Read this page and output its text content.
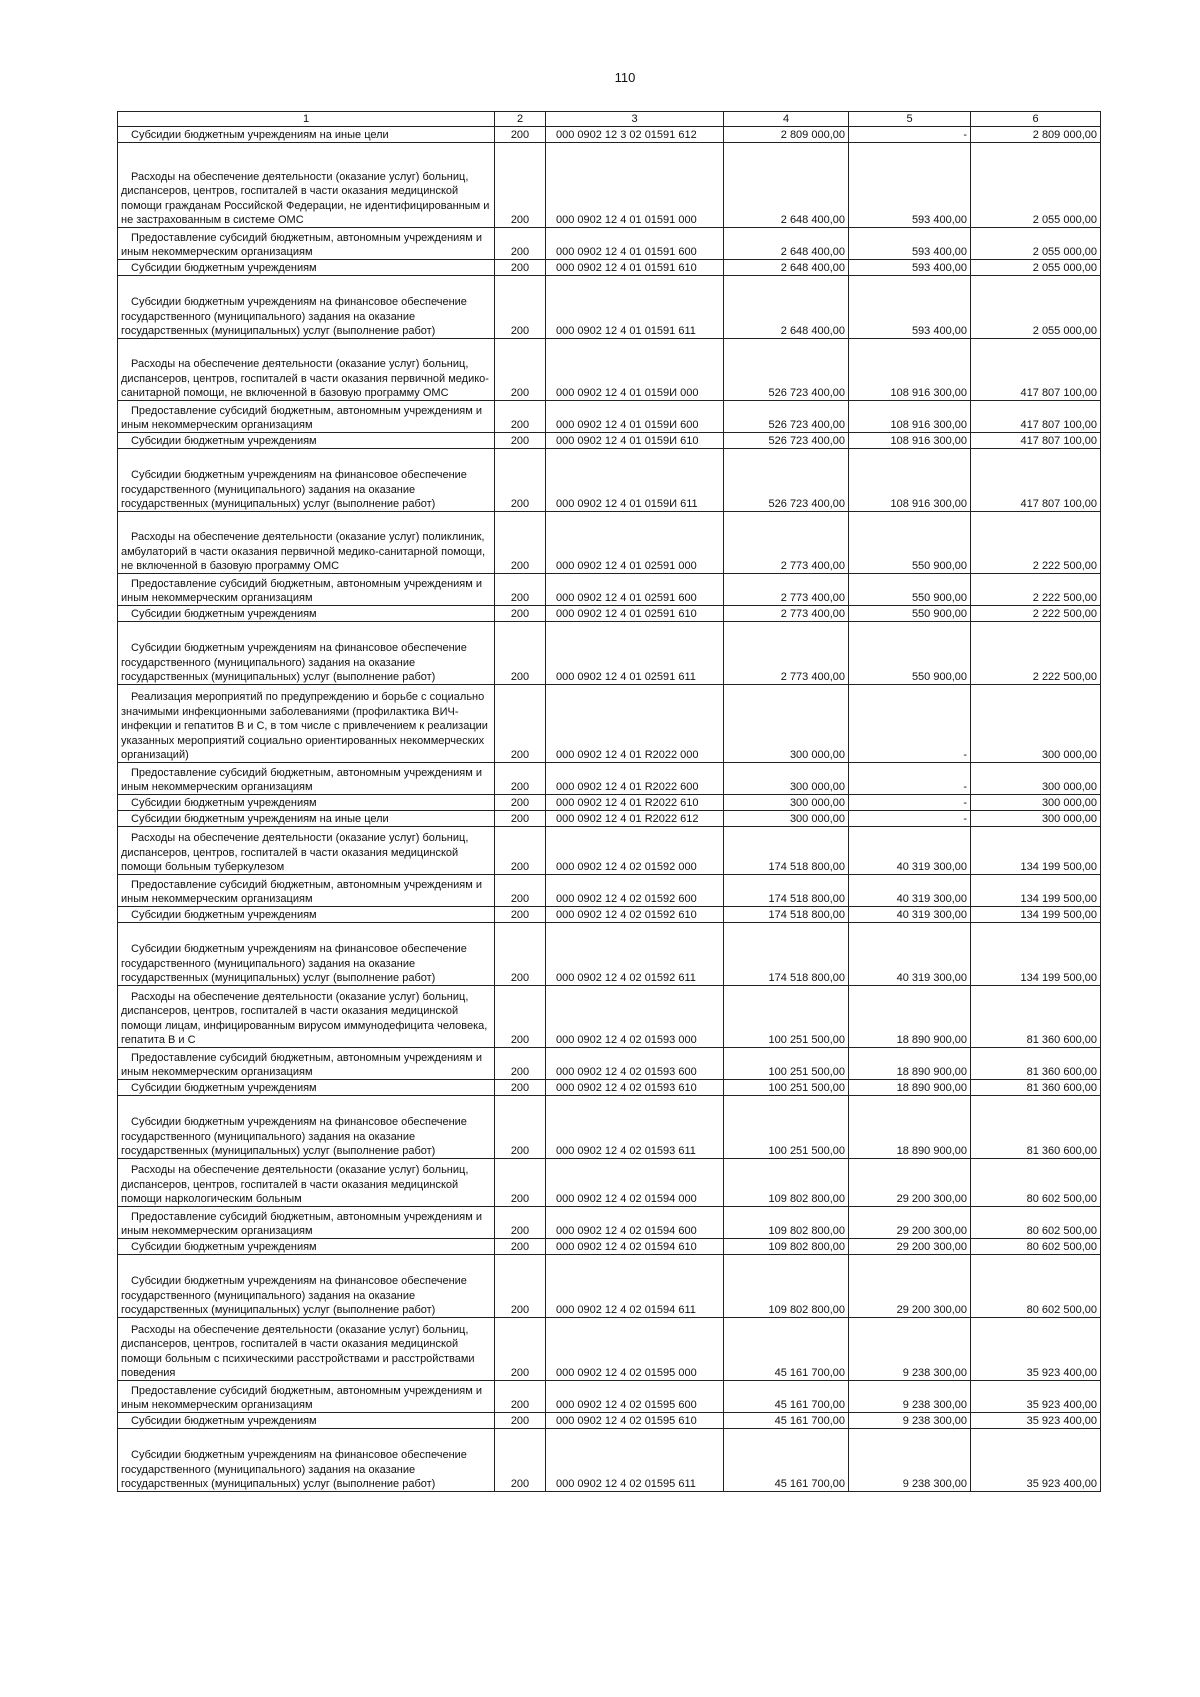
110
1	2	3	4	5	6
Субсидии бюджетным учреждениям на иные цели	200	000 0902 12 3 02 01591 612	2 809 000,00	-	2 809 000,00
Расходы на обеспечение деятельности (оказание услуг) больниц, диспансеров, центров, госпиталей в части оказания медицинской помощи гражданам Российской Федерации, не идентифицированным и не застрахованным в системе ОМС	200	000 0902 12 4 01 01591 000	2 648 400,00	593 400,00	2 055 000,00
Предоставление субсидий бюджетным, автономным учреждениям и иным некоммерческим организациям	200	000 0902 12 4 01 01591 600	2 648 400,00	593 400,00	2 055 000,00
Субсидии бюджетным учреждениям	200	000 0902 12 4 01 01591 610	2 648 400,00	593 400,00	2 055 000,00
Субсидии бюджетным учреждениям на финансовое обеспечение государственного (муниципального) задания на оказание государственных (муниципальных) услуг (выполнение работ)	200	000 0902 12 4 01 01591 611	2 648 400,00	593 400,00	2 055 000,00
Расходы на обеспечение деятельности (оказание услуг) больниц, диспансеров, центров, госпиталей в части оказания первичной медико-санитарной помощи, не включенной в базовую программу ОМС	200	000 0902 12 4 01 0159И 000	526 723 400,00	108 916 300,00	417 807 100,00
Предоставление субсидий бюджетным, автономным учреждениям и иным некоммерческим организациям	200	000 0902 12 4 01 0159И 600	526 723 400,00	108 916 300,00	417 807 100,00
Субсидии бюджетным учреждениям	200	000 0902 12 4 01 0159И 610	526 723 400,00	108 916 300,00	417 807 100,00
Субсидии бюджетным учреждениям на финансовое обеспечение государственного (муниципального) задания на оказание государственных (муниципальных) услуг (выполнение работ)	200	000 0902 12 4 01 0159И 611	526 723 400,00	108 916 300,00	417 807 100,00
Расходы на обеспечение деятельности (оказание услуг) поликлиник, амбулаторий в части оказания первичной медико-санитарной помощи, не включенной в базовую программу ОМС	200	000 0902 12 4 01 02591 000	2 773 400,00	550 900,00	2 222 500,00
Предоставление субсидий бюджетным, автономным учреждениям и иным некоммерческим организациям	200	000 0902 12 4 01 02591 600	2 773 400,00	550 900,00	2 222 500,00
Субсидии бюджетным учреждениям	200	000 0902 12 4 01 02591 610	2 773 400,00	550 900,00	2 222 500,00
Субсидии бюджетным учреждениям на финансовое обеспечение государственного (муниципального) задания на оказание государственных (муниципальных) услуг (выполнение работ)	200	000 0902 12 4 01 02591 611	2 773 400,00	550 900,00	2 222 500,00
Реализация мероприятий по предупреждению и борьбе с социально значимыми инфекционными заболеваниями (профилактика ВИЧ-инфекции и гепатитов В и С, в том числе с привлечением к реализации указанных мероприятий социально ориентированных некоммерческих организаций)	200	000 0902 12 4 01 R2022 000	300 000,00	-	300 000,00
Предоставление субсидий бюджетным, автономным учреждениям и иным некоммерческим организациям	200	000 0902 12 4 01 R2022 600	300 000,00	-	300 000,00
Субсидии бюджетным учреждениям	200	000 0902 12 4 01 R2022 610	300 000,00	-	300 000,00
Субсидии бюджетным учреждениям на иные цели	200	000 0902 12 4 01 R2022 612	300 000,00	-	300 000,00
Расходы на обеспечение деятельности (оказание услуг) больниц, диспансеров, центров, госпиталей в части оказания медицинской помощи больным туберкулезом	200	000 0902 12 4 02 01592 000	174 518 800,00	40 319 300,00	134 199 500,00
Предоставление субсидий бюджетным, автономным учреждениям и иным некоммерческим организациям	200	000 0902 12 4 02 01592 600	174 518 800,00	40 319 300,00	134 199 500,00
Субсидии бюджетным учреждениям	200	000 0902 12 4 02 01592 610	174 518 800,00	40 319 300,00	134 199 500,00
Субсидии бюджетным учреждениям на финансовое обеспечение государственного (муниципального) задания на оказание государственных (муниципальных) услуг (выполнение работ)	200	000 0902 12 4 02 01592 611	174 518 800,00	40 319 300,00	134 199 500,00
Расходы на обеспечение деятельности (оказание услуг) больниц, диспансеров, центров, госпиталей в части оказания медицинской помощи лицам, инфицированным вирусом иммунодефицита человека, гепатита В и С	200	000 0902 12 4 02 01593 000	100 251 500,00	18 890 900,00	81 360 600,00
Предоставление субсидий бюджетным, автономным учреждениям и иным некоммерческим организациям	200	000 0902 12 4 02 01593 600	100 251 500,00	18 890 900,00	81 360 600,00
Субсидии бюджетным учреждениям	200	000 0902 12 4 02 01593 610	100 251 500,00	18 890 900,00	81 360 600,00
Субсидии бюджетным учреждениям на финансовое обеспечение государственного (муниципального) задания на оказание государственных (муниципальных) услуг (выполнение работ)	200	000 0902 12 4 02 01593 611	100 251 500,00	18 890 900,00	81 360 600,00
Расходы на обеспечение деятельности (оказание услуг) больниц, диспансеров, центров, госпиталей в части оказания медицинской помощи наркологическим больным	200	000 0902 12 4 02 01594 000	109 802 800,00	29 200 300,00	80 602 500,00
Предоставление субсидий бюджетным, автономным учреждениям и иным некоммерческим организациям	200	000 0902 12 4 02 01594 600	109 802 800,00	29 200 300,00	80 602 500,00
Субсидии бюджетным учреждениям	200	000 0902 12 4 02 01594 610	109 802 800,00	29 200 300,00	80 602 500,00
Субсидии бюджетным учреждениям на финансовое обеспечение государственного (муниципального) задания на оказание государственных (муниципальных) услуг (выполнение работ)	200	000 0902 12 4 02 01594 611	109 802 800,00	29 200 300,00	80 602 500,00
Расходы на обеспечение деятельности (оказание услуг) больниц, диспансеров, центров, госпиталей в части оказания медицинской помощи больным с психическими расстройствами и расстройствами поведения	200	000 0902 12 4 02 01595 000	45 161 700,00	9 238 300,00	35 923 400,00
Предоставление субсидий бюджетным, автономным учреждениям и иным некоммерческим организациям	200	000 0902 12 4 02 01595 600	45 161 700,00	9 238 300,00	35 923 400,00
Субсидии бюджетным учреждениям	200	000 0902 12 4 02 01595 610	45 161 700,00	9 238 300,00	35 923 400,00
Субсидии бюджетным учреждениям на финансовое обеспечение государственного (муниципального) задания на оказание государственных (муниципальных) услуг (выполнение работ)	200	000 0902 12 4 02 01595 611	45 161 700,00	9 238 300,00	35 923 400,00
